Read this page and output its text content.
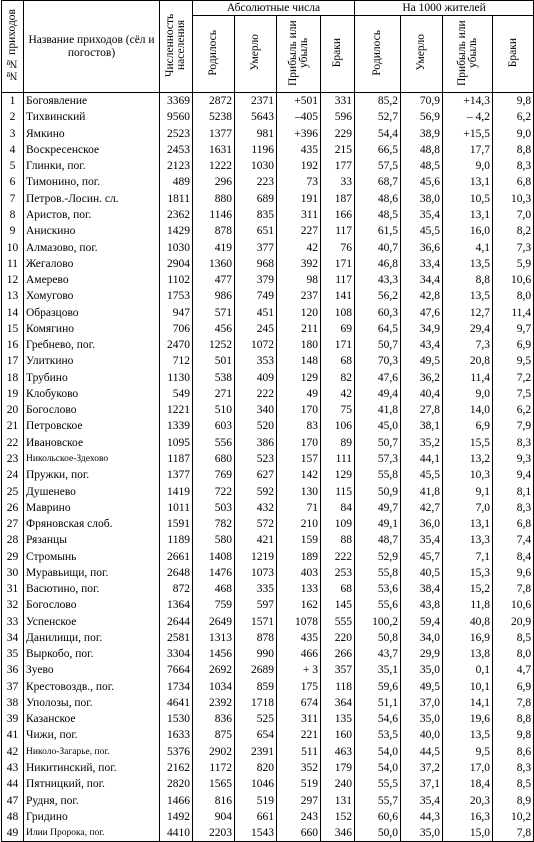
№№ приходов	Название приходов (сёл и погостов)	Численность населения	Абсолютные числа				На 1000 жителей			
			Родилось	Умерло	Прибыль или убыль	Браки	Родилось	Умерло	Прибыль или убыль	Браки
1	Богоявление	3369	2872	2371	+501	331	85,2	70,9	+14,3	9,8
2	Тихвинский	9560	5238	5643	–405	596	52,7	56,9	– 4,2	6,2
3	Ямкино	2523	1377	981	+396	229	54,4	38,9	+15,5	9,0
4	Воскресенское	2453	1631	1196	435	215	66,5	48,8	17,7	8,8
5	Глинки, пог.	2123	1222	1030	192	177	57,5	48,5	9,0	8,3
6	Тимонино, пог.	489	296	223	73	33	68,7	45,6	13,1	6,8
7	Петров.-Лосин. сл.	1811	880	689	191	187	48,6	38,0	10,5	10,3
8	Аристов, пог.	2362	1146	835	311	166	48,5	35,4	13,1	7,0
9	Анискино	1429	878	651	227	117	61,5	45,5	16,0	8,2
10	Алмазово, пог.	1030	419	377	42	76	40,7	36,6	4,1	7,3
11	Жегалово	2904	1360	968	392	171	46,8	33,4	13,5	5,9
12	Амерево	1102	477	379	98	117	43,3	34,4	8,8	10,6
13	Хомугово	1753	986	749	237	141	56,2	42,8	13,5	8,0
14	Образцово	947	571	451	120	108	60,3	47,6	12,7	11,4
15	Комягино	706	456	245	211	69	64,5	34,9	29,4	9,7
16	Гребнево, пог.	2470	1252	1072	180	171	50,7	43,4	7,3	6,9
17	Улиткино	712	501	353	148	68	70,3	49,5	20,8	9,5
18	Трубино	1130	538	409	129	82	47,6	36,2	11,4	7,2
19	Клобуково	549	271	222	49	42	49,4	40,4	9,0	7,5
20	Богослово	1221	510	340	170	75	41,8	27,8	14,0	6,2
21	Петровское	1339	603	520	83	106	45,0	38,1	6,9	7,9
22	Ивановское	1095	556	386	170	89	50,7	35,2	15,5	8,3
23	Никольское-Здехово	1187	680	523	157	111	57,3	44,1	13,2	9,3
24	Пружки, пог.	1377	769	627	142	129	55,8	45,5	10,3	9,4
25	Душенево	1419	722	592	130	115	50,9	41,8	9,1	8,1
26	Маврино	1011	503	432	71	84	49,7	42,7	7,0	8,3
27	Фряновская слоб.	1591	782	572	210	109	49,1	36,0	13,1	6,8
28	Рязанцы	1189	580	421	159	88	48,7	35,4	13,3	7,4
29	Стромынь	2661	1408	1219	189	222	52,9	45,7	7,1	8,4
30	Муравьищи, пог.	2648	1476	1073	403	253	55,8	40,5	15,3	9,6
31	Васютино, пог.	872	468	335	133	68	53,6	38,4	15,2	7,8
32	Богослово	1364	759	597	162	145	55,6	43,8	11,8	10,6
33	Успенское	2644	2649	1571	1078	555	100,2	59,4	40,8	20,9
34	Данилищи, пог.	2581	1313	878	435	220	50,8	34,0	16,9	8,5
35	Выркобо, пог.	3304	1456	990	466	266	43,7	29,9	13,8	8,0
36	Зуево	7664	2692	2689	+ 3	357	35,1	35,0	0,1	4,7
37	Крестовоздв., пог.	1734	1034	859	175	118	59,6	49,5	10,1	6,9
38	Уполозы, пог.	4641	2392	1718	674	364	51,1	37,0	14,1	7,8
39	Казанское	1530	836	525	311	135	54,6	35,0	19,6	8,8
41	Чижи, пог.	1633	875	654	221	160	53,5	40,0	13,5	9,8
42	Николо-Загарье, пог.	5376	2902	2391	511	463	54,0	44,5	9,5	8,6
43	Никитинский, пог.	2162	1172	820	352	179	54,0	37,2	17,0	8,3
44	Пятницкий, пог.	2820	1565	1046	519	240	55,5	37,1	18,4	8,5
47	Рудня, пог.	1466	816	519	297	131	55,7	35,4	20,3	8,9
48	Гридино	1492	904	661	243	152	60,6	44,3	16,3	10,2
49	Илии Пророка, пог.	4410	2203	1543	660	346	50,0	35,0	15,0	7,8
